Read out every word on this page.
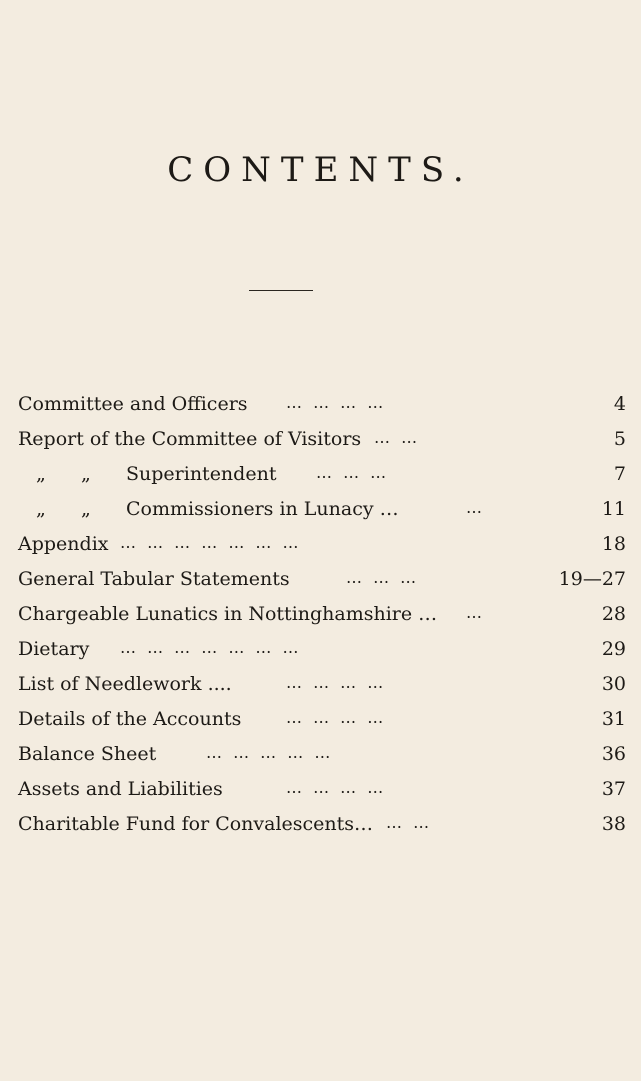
CONTENTS.
Committee and Officers … … … …	4
Report of the Committee of Visitors … …	5
„ „ Superintendent … … …	7
„ „ Commissioners in Lunacy …	…	11
Appendix … … … … … … …	18
General Tabular Statements	… … …	19—27
Chargeable Lunatics in Nottinghamshire … …	28
Dietary … … … … … … …	29
List of Needlework ....	… … … …	30
Details of the Accounts	… … … …	31
Balance Sheet	… … … … …	36
Assets and Liabilities	… … … …	37
Charitable Fund for Convalescents… … …	38
